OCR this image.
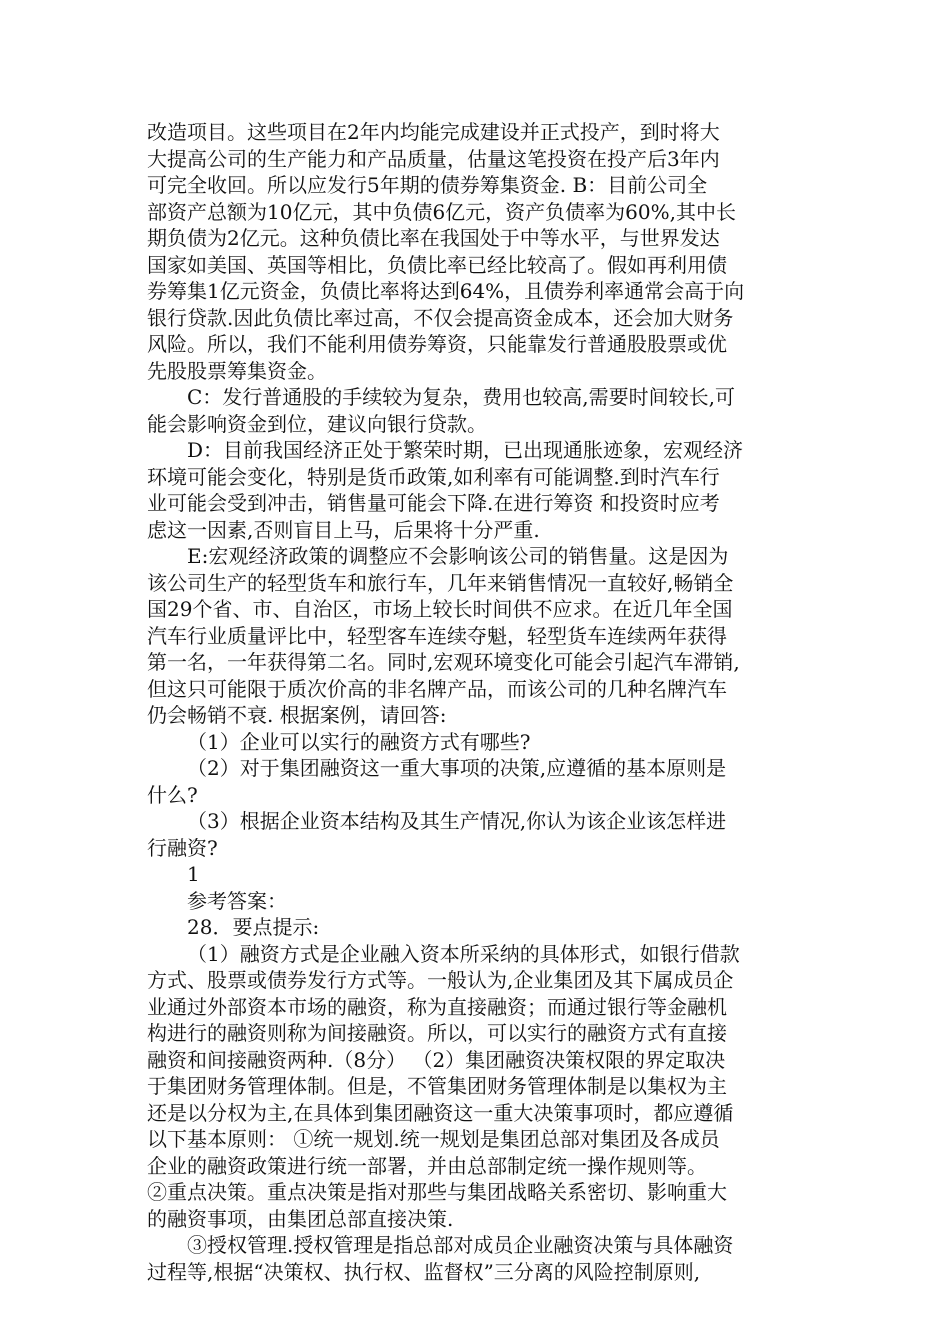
改造项目。这些项目在2年内均能完成建设并正式投产，到时将大
大提高公司的生产能力和产品质量，估量这笔投资在投产后3年内
可完全收回。所以应发行5年期的债券筹集资金. B：目前公司全
部资产总额为10亿元，其中负债6亿元，资产负债率为60%,其中长
期负债为2亿元。这种负债比率在我国处于中等水平，与世界发达
国家如美国、英国等相比，负债比率已经比较高了。假如再利用债
券筹集1亿元资金，负债比率将达到64%，且债券利率通常会高于向
银行贷款.因此负债比率过高，不仅会提高资金成本，还会加大财务
风险。所以，我们不能利用债券筹资，只能靠发行普通股股票或优
先股股票筹集资金。
C：发行普通股的手续较为复杂，费用也较高,需要时间较长,可
能会影响资金到位，建议向银行贷款。
D：目前我国经济正处于繁荣时期，已出现通胀迹象，宏观经济
环境可能会变化，特别是货币政策,如利率有可能调整.到时汽车行
业可能会受到冲击，销售量可能会下降.在进行筹资 和投资时应考
虑这一因素,否则盲目上马，后果将十分严重.
E:宏观经济政策的调整应不会影响该公司的销售量。这是因为
该公司生产的轻型货车和旅行车，几年来销售情况一直较好,畅销全
国29个省、市、自治区，市场上较长时间供不应求。在近几年全国
汽车行业质量评比中，轻型客车连续夺魁，轻型货车连续两年获得
第一名，一年获得第二名。同时,宏观环境变化可能会引起汽车滞销,
但这只可能限于质次价高的非名牌产品，而该公司的几种名牌汽车
仍会畅销不衰. 根据案例，请回答:
（1）企业可以实行的融资方式有哪些?
（2）对于集团融资这一重大事项的决策,应遵循的基本原则是
什么?
（3）根据企业资本结构及其生产情况,你认为该企业该怎样进
行融资?
1
参考答案：
28．要点提示:
（1）融资方式是企业融入资本所采纳的具体形式，如银行借款
方式、股票或债券发行方式等。一般认为,企业集团及其下属成员企
业通过外部资本市场的融资，称为直接融资；而通过银行等金融机
构进行的融资则称为间接融资。所以，可以实行的融资方式有直接
融资和间接融资两种.（8分） （2）集团融资决策权限的界定取决
于集团财务管理体制。但是，不管集团财务管理体制是以集权为主
还是以分权为主,在具体到集团融资这一重大决策事项时，都应遵循
以下基本原则： ①统一规划.统一规划是集团总部对集团及各成员
企业的融资政策进行统一部署，并由总部制定统一操作规则等。
②重点决策。重点决策是指对那些与集团战略关系密切、影响重大
的融资事项，由集团总部直接决策.
③授权管理.授权管理是指总部对成员企业融资决策与具体融资
过程等,根据“决策权、执行权、监督权”三分离的风险控制原则,
